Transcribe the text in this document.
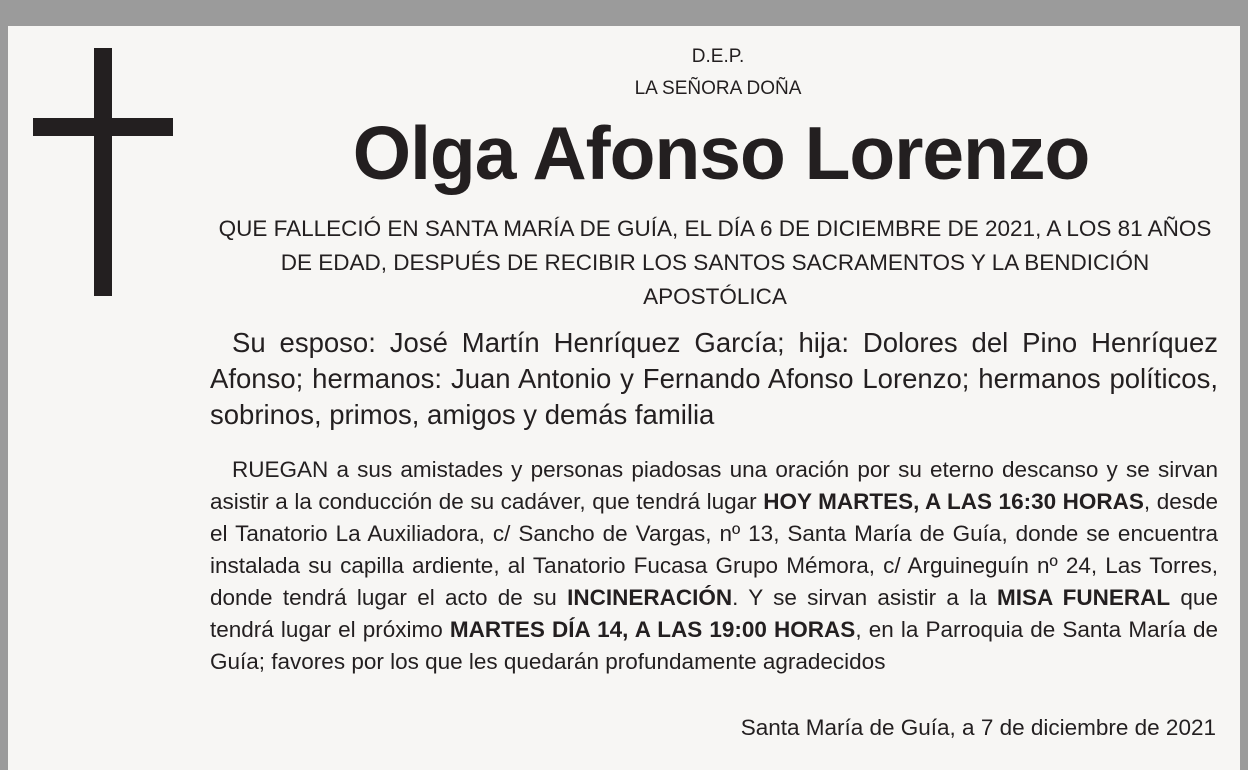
D.E.P.
LA SEÑORA DOÑA
Olga Afonso Lorenzo
QUE FALLECIÓ EN SANTA MARÍA DE GUÍA, EL DÍA 6 DE DICIEMBRE DE 2021, A LOS 81 AÑOS DE EDAD, DESPUÉS DE RECIBIR LOS SANTOS SACRAMENTOS Y LA BENDICIÓN APOSTÓLICA
Su esposo: José Martín Henríquez García; hija: Dolores del Pino Henríquez Afonso; hermanos: Juan Antonio y Fernando Afonso Lorenzo; hermanos políticos, sobrinos, primos, amigos y demás familia
RUEGAN a sus amistades y personas piadosas una oración por su eterno descanso y se sirvan asistir a la conducción de su cadáver, que tendrá lugar HOY MARTES, A LAS 16:30 HORAS, desde el Tanatorio La Auxiliadora, c/ Sancho de Vargas, nº 13, Santa María de Guía, donde se encuentra instalada su capilla ardiente, al Tanatorio Fucasa Grupo Mémora, c/ Arguineguín nº 24, Las Torres, donde tendrá lugar el acto de su INCINERACIÓN. Y se sirvan asistir a la MISA FUNERAL que tendrá lugar el próximo MARTES DÍA 14, A LAS 19:00 HORAS, en la Parroquia de Santa María de Guía; favores por los que les quedarán profundamente agradecidos
Santa María de Guía, a 7 de diciembre de 2021
